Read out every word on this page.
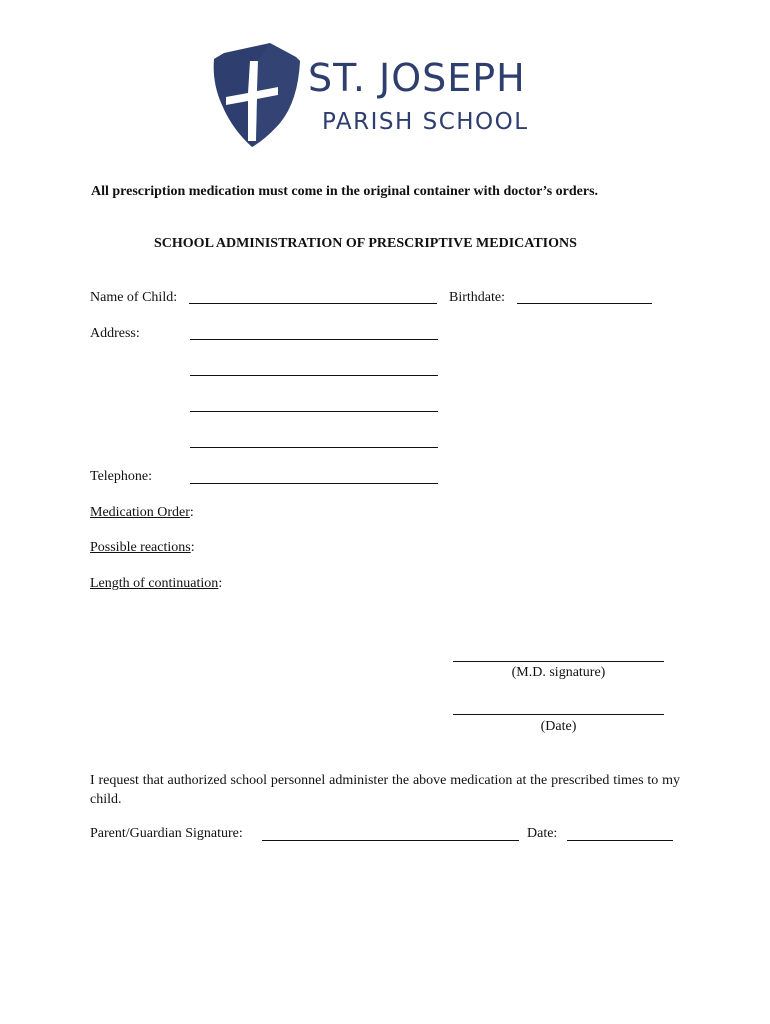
ST. JOSEPH
PARISH SCHOOL
All prescription medication must come in the original container with doctor’s orders.
SCHOOL ADMINISTRATION OF PRESCRIPTIVE MEDICATIONS
Name of Child:	Birthdate:
Address:
Telephone:
Medication Order:
Possible reactions:
Length of continuation:
(M.D. signature)
(Date)
I request that authorized school personnel administer the above medication at the prescribed times to my child.
Parent/Guardian Signature:	Date:
